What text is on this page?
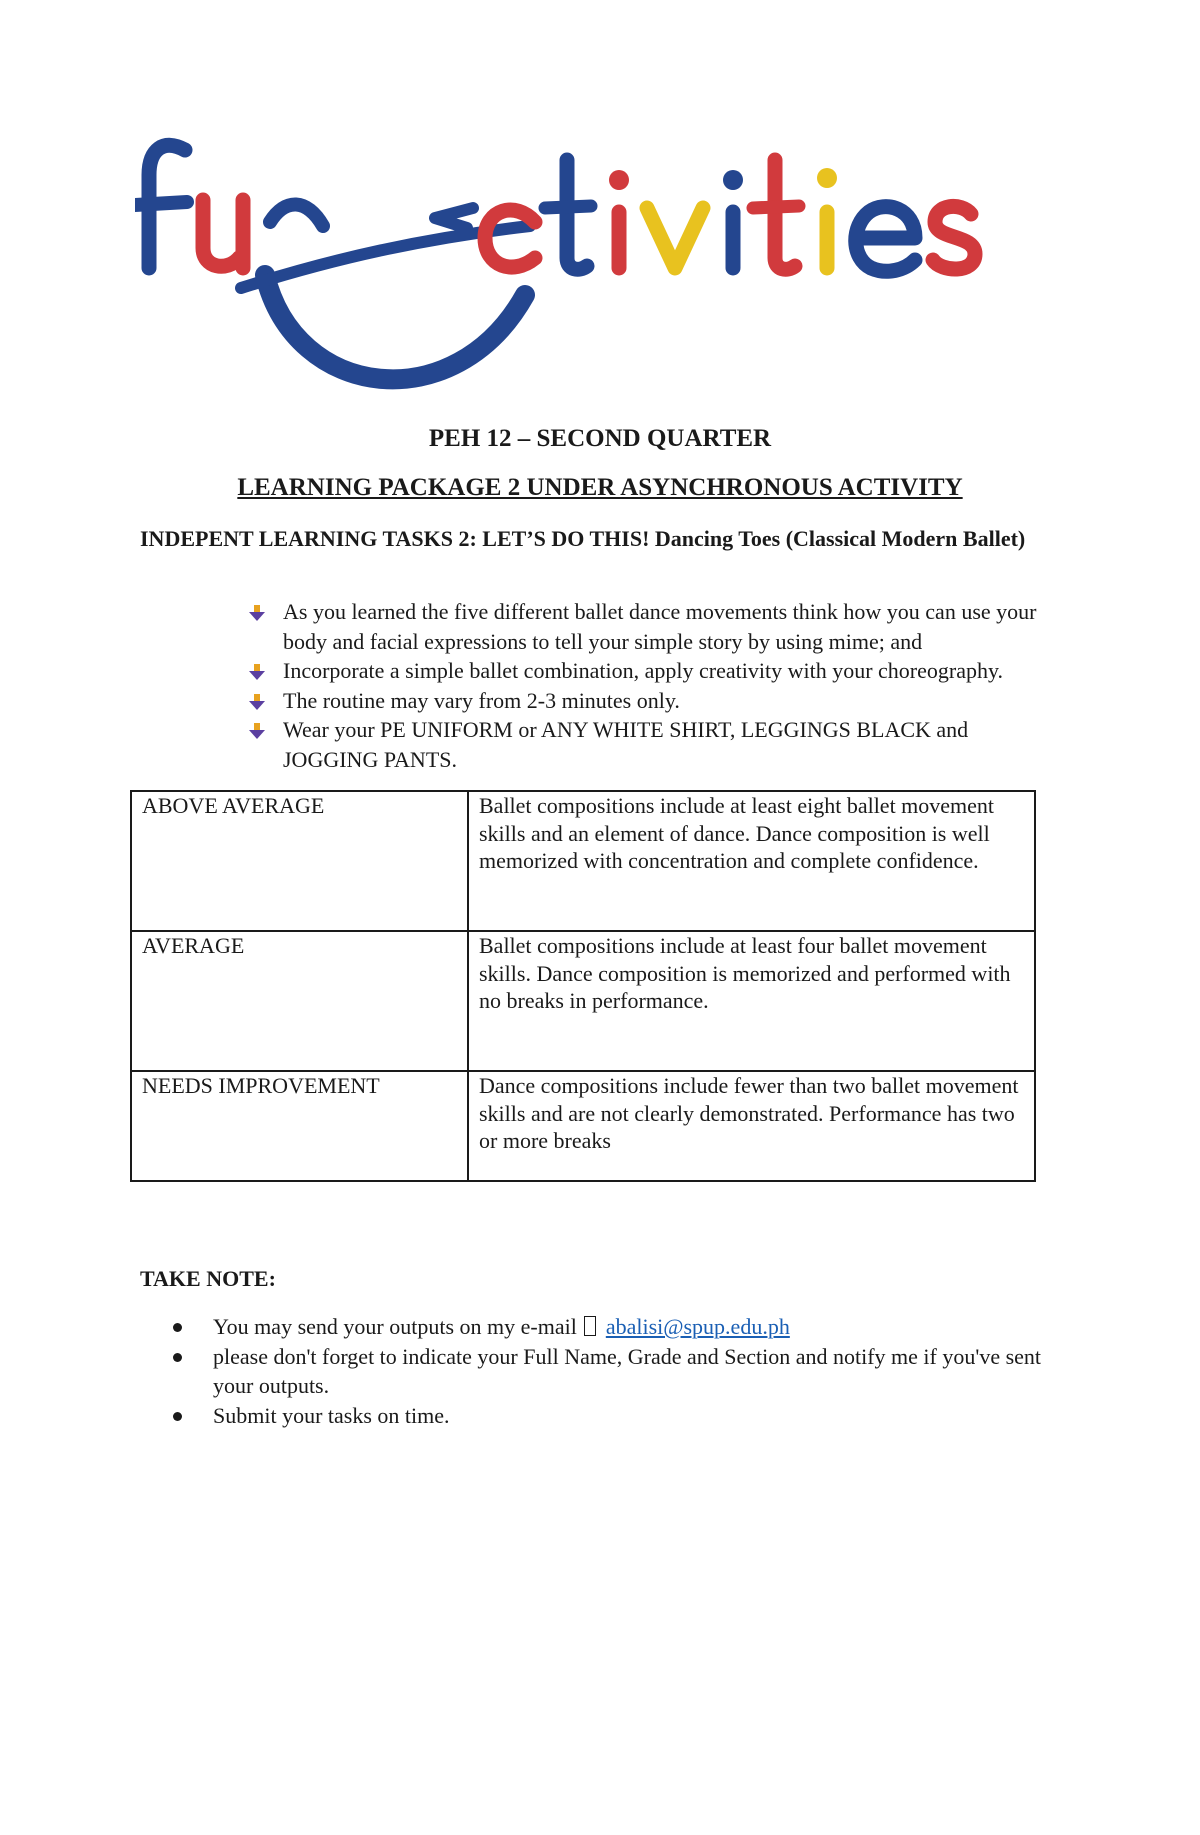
PEH 12 – SECOND QUARTER
LEARNING PACKAGE 2 UNDER ASYNCHRONOUS ACTIVITY
INDEPENT LEARNING TASKS 2: LET’S DO THIS! Dancing Toes (Classical Modern Ballet)
As you learned the five different ballet dance movements think how you can use your body and facial expressions to tell your simple story by using mime; and
Incorporate a simple ballet combination, apply creativity with your choreography.
The routine may vary from 2-3 minutes only.
Wear your PE UNIFORM or ANY WHITE SHIRT, LEGGINGS BLACK and JOGGING PANTS.
ABOVE AVERAGE	Ballet compositions include at least eight ballet movement skills and an element of dance. Dance composition is well memorized with concentration and complete confidence.
AVERAGE	Ballet compositions include at least four ballet movement skills. Dance composition is memorized and performed with no breaks in performance.
NEEDS IMPROVEMENT	Dance compositions include fewer than two ballet movement skills and are not clearly demonstrated. Performance has two or more breaks
TAKE NOTE:
You may send your outputs on my e-mail abalisi@spup.edu.ph
please don't forget to indicate your Full Name, Grade and Section and notify me if you've sent your outputs.
Submit your tasks on time.
